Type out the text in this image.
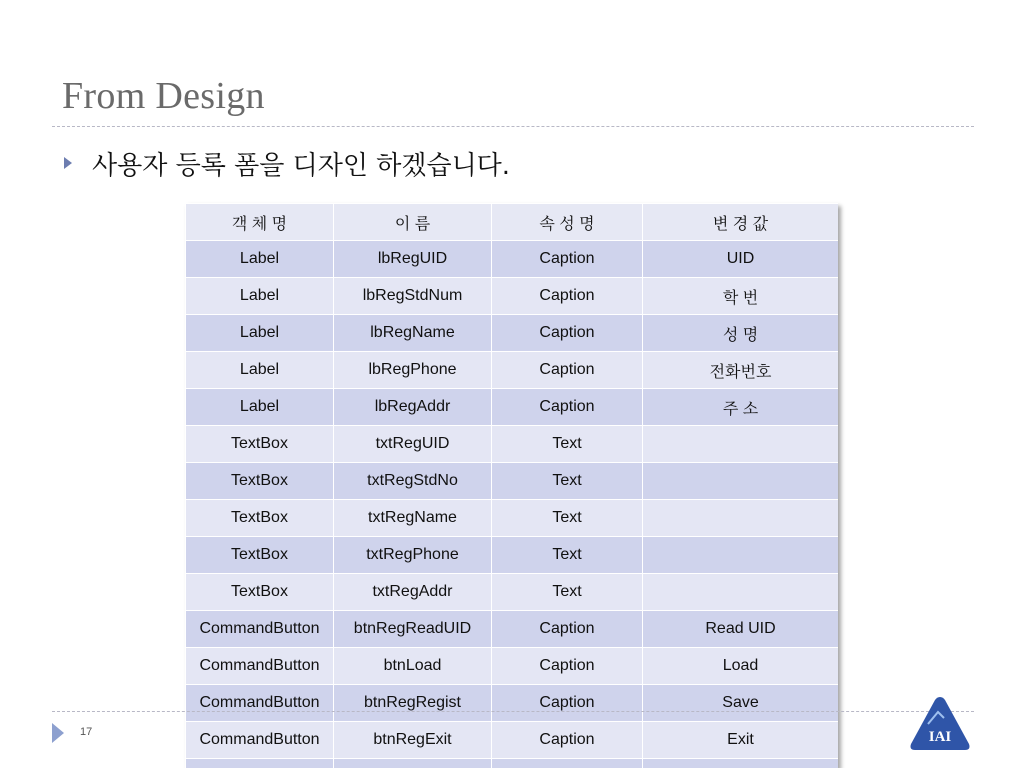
From Design
사용자 등록 폼을 디자인 하겠습니다.
객 체 명	이 름	속 성 명	변 경 값
Label	lbRegUID	Caption	UID
Label	lbRegStdNum	Caption	학 번
Label	lbRegName	Caption	성 명
Label	lbRegPhone	Caption	전화번호
Label	lbRegAddr	Caption	주 소
TextBox	txtRegUID	Text	
TextBox	txtRegStdNo	Text	
TextBox	txtRegName	Text	
TextBox	txtRegPhone	Text	
TextBox	txtRegAddr	Text	
CommandButton	btnRegReadUID	Caption	Read UID
CommandButton	btnLoad	Caption	Load
CommandButton	btnRegRegist	Caption	Save
CommandButton	btnRegExit	Caption	Exit

17	IAI
